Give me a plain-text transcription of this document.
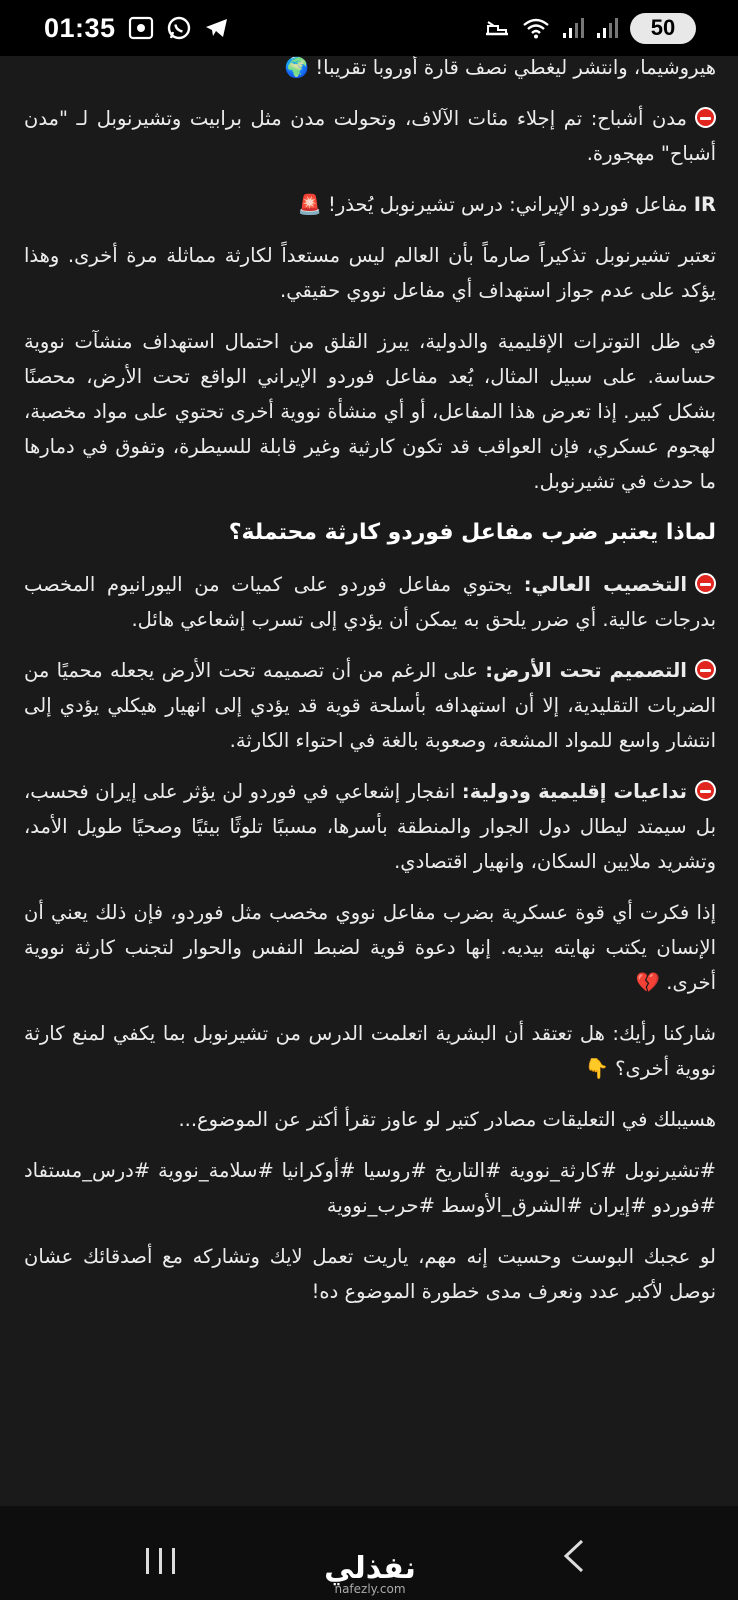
01:35	50

هيروشيما، وانتشر ليغطي نصف قارة أوروبا تقريبا! 🌍

مدن أشباح: تم إجلاء مئات الآلاف، وتحولت مدن مثل برابيت وتشيرنوبل لـ "مدن أشباح" مهجورة.

IR مفاعل فوردو الإيراني: درس تشيرنوبل يُحذر! 🚨

تعتبر تشيرنوبل تذكيراً صارماً بأن العالم ليس مستعداً لكارثة مماثلة مرة أخرى. وهذا يؤكد على عدم جواز استهداف أي مفاعل نووي حقيقي.

في ظل التوترات الإقليمية والدولية، يبرز القلق من احتمال استهداف منشآت نووية حساسة. على سبيل المثال، يُعد مفاعل فوردو الإيراني الواقع تحت الأرض، محصنًا بشكل كبير. إذا تعرض هذا المفاعل، أو أي منشأة نووية أخرى تحتوي على مواد مخصبة، لهجوم عسكري، فإن العواقب قد تكون كارثية وغير قابلة للسيطرة، وتفوق في دمارها ما حدث في تشيرنوبل.

لماذا يعتبر ضرب مفاعل فوردو كارثة محتملة؟

التخصيب العالي: يحتوي مفاعل فوردو على كميات من اليورانيوم المخصب بدرجات عالية. أي ضرر يلحق به يمكن أن يؤدي إلى تسرب إشعاعي هائل.

التصميم تحت الأرض: على الرغم من أن تصميمه تحت الأرض يجعله محميًا من الضربات التقليدية، إلا أن استهدافه بأسلحة قوية قد يؤدي إلى انهيار هيكلي يؤدي إلى انتشار واسع للمواد المشعة، وصعوبة بالغة في احتواء الكارثة.

تداعيات إقليمية ودولية: انفجار إشعاعي في فوردو لن يؤثر على إيران فحسب، بل سيمتد ليطال دول الجوار والمنطقة بأسرها، مسببًا تلوثًا بيئيًا وصحيًا طويل الأمد، وتشريد ملايين السكان، وانهيار اقتصادي.

إذا فكرت أي قوة عسكرية بضرب مفاعل نووي مخصب مثل فوردو، فإن ذلك يعني أن الإنسان يكتب نهايته بيديه. إنها دعوة قوية لضبط النفس والحوار لتجنب كارثة نووية أخرى. 💔

شاركنا رأيك: هل تعتقد أن البشرية اتعلمت الدرس من تشيرنوبل بما يكفي لمنع كارثة نووية أخرى؟ 👇

هسيبلك في التعليقات مصادر كتير لو عاوز تقرأ أكتر عن الموضوع...

#تشيرنوبل #كارثة_نووية #التاريخ #روسيا #أوكرانيا #سلامة_نووية #درس_مستفاد #فوردو #إيران #الشرق_الأوسط #حرب_نووية

لو عجبك البوست وحسيت إنه مهم، ياريت تعمل لايك وتشاركه مع أصدقائك عشان نوصل لأكبر عدد ونعرف مدى خطورة الموضوع ده!

نفذلي
nafezly.com
